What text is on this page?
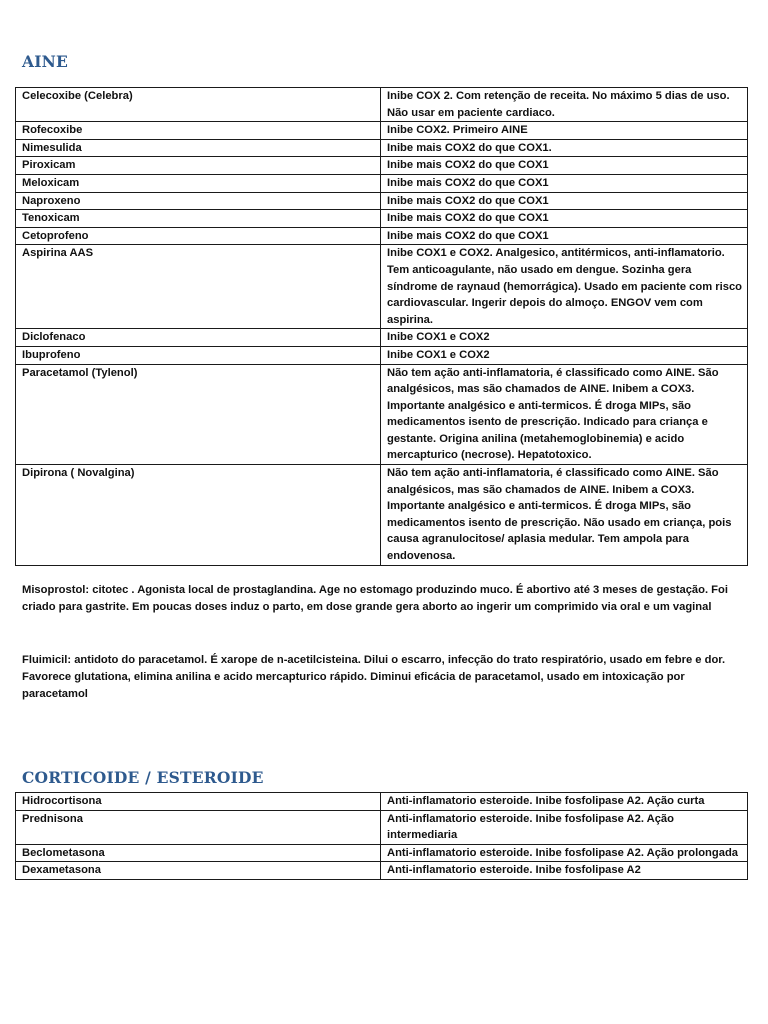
AINE
Celecoxibe (Celebra)	Inibe COX 2. Com retenção de receita. No máximo 5 dias de uso. Não usar em paciente cardiaco.
Rofecoxibe	Inibe COX2. Primeiro AINE
Nimesulida	Inibe mais COX2 do que COX1.
Piroxicam	Inibe mais COX2 do que COX1
Meloxicam	Inibe mais COX2 do que COX1
Naproxeno	Inibe mais COX2 do que COX1
Tenoxicam	Inibe mais COX2 do que COX1
Cetoprofeno	Inibe mais COX2 do que COX1
Aspirina AAS	Inibe COX1 e COX2. Analgesico, antitérmicos, anti-inflamatorio. Tem anticoagulante, não usado em dengue. Sozinha gera síndrome de raynaud (hemorrágica). Usado em paciente com risco cardiovascular. Ingerir depois do almoço. ENGOV vem com aspirina.
Diclofenaco	Inibe COX1 e COX2
Ibuprofeno	Inibe COX1 e COX2
Paracetamol (Tylenol)	Não tem ação anti-inflamatoria, é classificado como AINE. São analgésicos, mas são chamados de AINE. Inibem a COX3. Importante analgésico e anti-termicos. É droga MIPs, são medicamentos isento de prescrição. Indicado para criança e gestante. Origina anilina (metahemoglobinemia) e acido mercapturico (necrose). Hepatotoxico.
Dipirona ( Novalgina)	Não tem ação anti-inflamatoria, é classificado como AINE. São analgésicos, mas são chamados de AINE. Inibem a COX3. Importante analgésico e anti-termicos. É droga MIPs, são medicamentos isento de prescrição. Não usado em criança, pois causa agranulocitose/ aplasia medular. Tem ampola para endovenosa.

Misoprostol: citotec . Agonista local de prostaglandina. Age no estomago produzindo muco. É abortivo até 3 meses de gestação. Foi criado para gastrite. Em poucas doses induz o parto, em dose grande gera aborto ao ingerir um comprimido via oral e um vaginal

Fluimicil: antidoto do paracetamol. É xarope de n-acetilcisteina. Dilui o escarro, infecção do trato respiratório, usado em febre e dor. Favorece glutationa, elimina anilina e acido mercapturico rápido. Diminui eficácia de paracetamol, usado em intoxicação por paracetamol

CORTICOIDE / ESTEROIDE
Hidrocortisona	Anti-inflamatorio esteroide. Inibe fosfolipase A2. Ação curta
Prednisona	Anti-inflamatorio esteroide. Inibe fosfolipase A2. Ação intermediaria
Beclometasona	Anti-inflamatorio esteroide. Inibe fosfolipase A2. Ação prolongada
Dexametasona	Anti-inflamatorio esteroide. Inibe fosfolipase A2
